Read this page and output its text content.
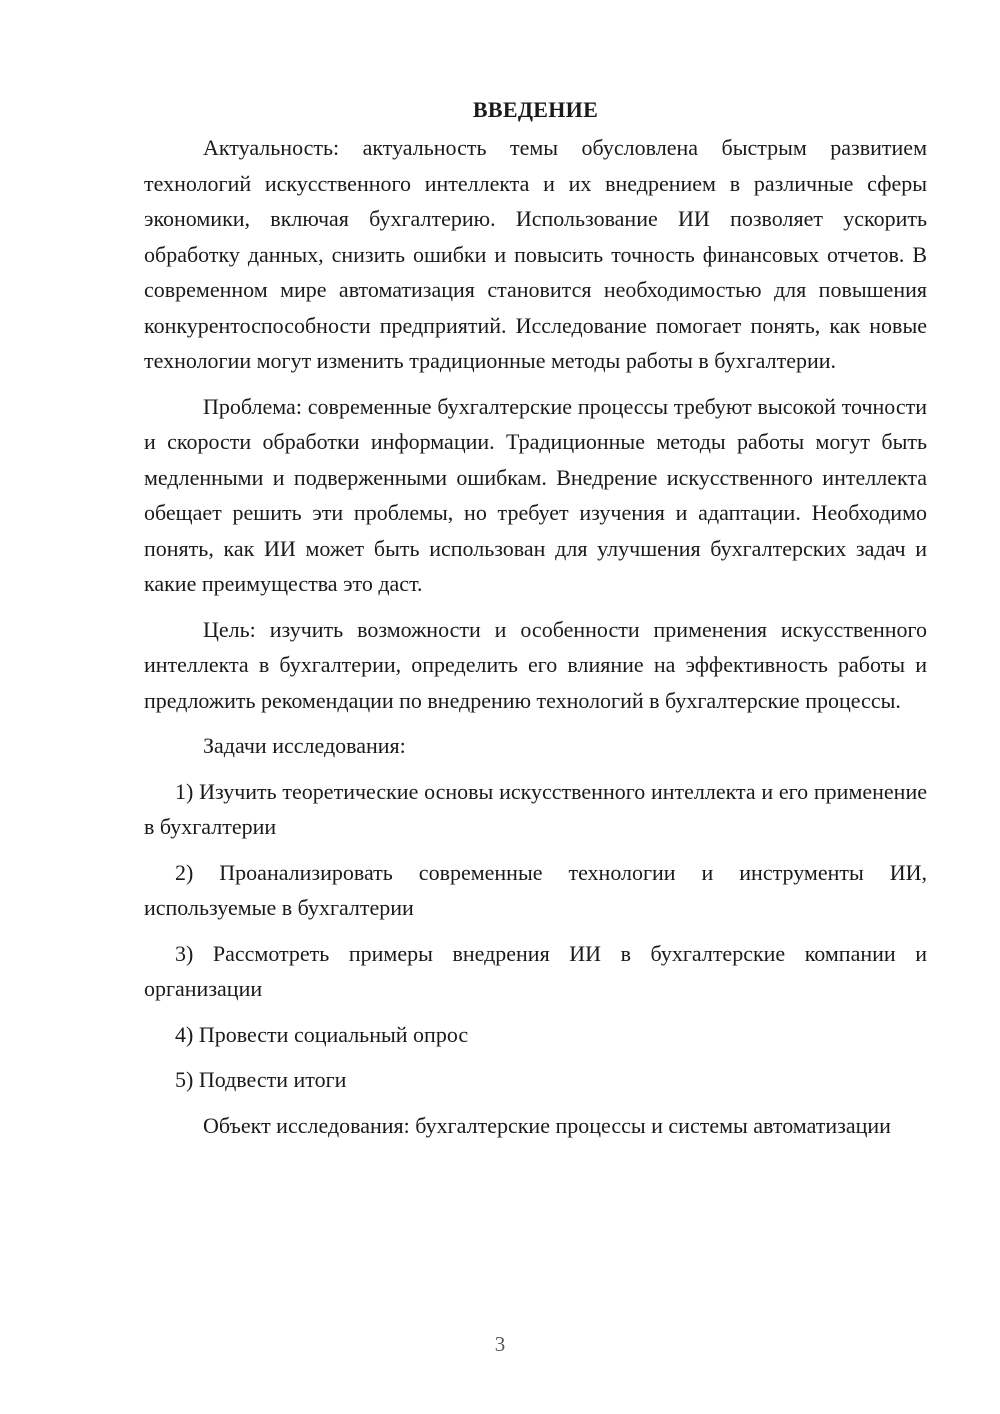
ВВЕДЕНИЕ

Актуальность: актуальность темы обусловлена быстрым развитием технологий искусственного интеллекта и их внедрением в различные сферы экономики, включая бухгалтерию. Использование ИИ позволяет ускорить обработку данных, снизить ошибки и повысить точность финансовых отчетов. В современном мире автоматизация становится необходимостью для повышения конкурентоспособности предприятий. Исследование помогает понять, как новые технологии могут изменить традиционные методы работы в бухгалтерии.

Проблема: современные бухгалтерские процессы требуют высокой точности и скорости обработки информации. Традиционные методы работы могут быть медленными и подверженными ошибкам. Внедрение искусственного интеллекта обещает решить эти проблемы, но требует изучения и адаптации. Необходимо понять, как ИИ может быть использован для улучшения бухгалтерских задач и какие преимущества это даст.

Цель: изучить возможности и особенности применения искусственного интеллекта в бухгалтерии, определить его влияние на эффективность работы и предложить рекомендации по внедрению технологий в бухгалтерские процессы.

Задачи исследования:

1) Изучить теоретические основы искусственного интеллекта и его применение в бухгалтерии
2) Проанализировать современные технологии и инструменты ИИ, используемые в бухгалтерии
3) Рассмотреть примеры внедрения ИИ в бухгалтерские компании и организации
4) Провести социальный опрос
5) Подвести итоги

Объект исследования: бухгалтерские процессы и системы автоматизации

3
